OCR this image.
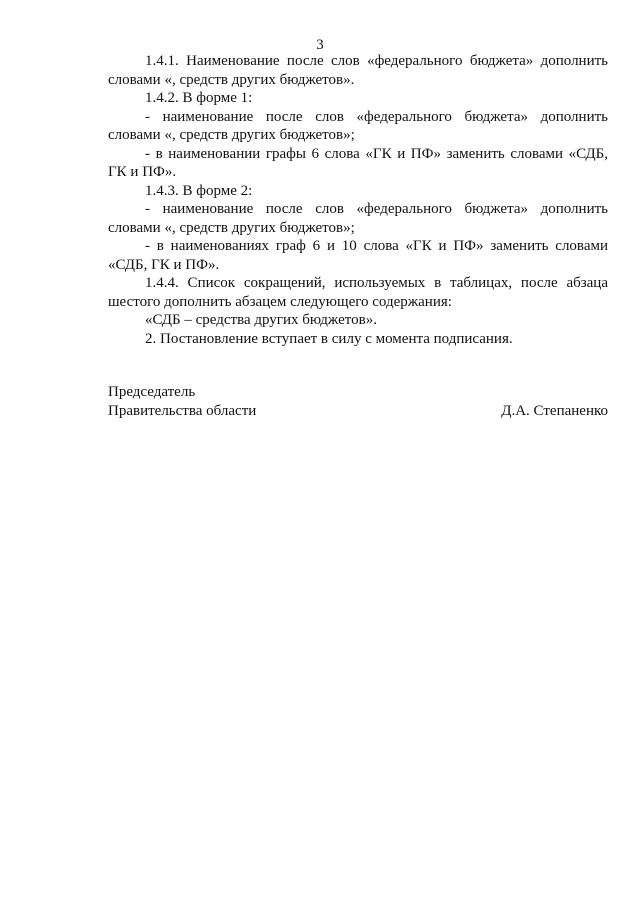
3

1.4.1. Наименование после слов «федерального бюджета» дополнить словами «, средств других бюджетов».

1.4.2. В форме 1:

- наименование после слов «федерального бюджета» дополнить словами «, средств других бюджетов»;

- в наименовании графы 6 слова «ГК и ПФ» заменить словами «СДБ, ГК и ПФ».

1.4.3. В форме 2:

- наименование после слов «федерального бюджета» дополнить словами «, средств других бюджетов»;

- в наименованиях граф 6 и 10 слова «ГК и ПФ» заменить словами «СДБ, ГК и ПФ».

1.4.4. Список сокращений, используемых в таблицах, после абзаца шестого дополнить абзацем следующего содержания:

«СДБ – средства других бюджетов».

2. Постановление вступает в силу с момента подписания.

Председатель
Правительства области	Д.А. Степаненко
